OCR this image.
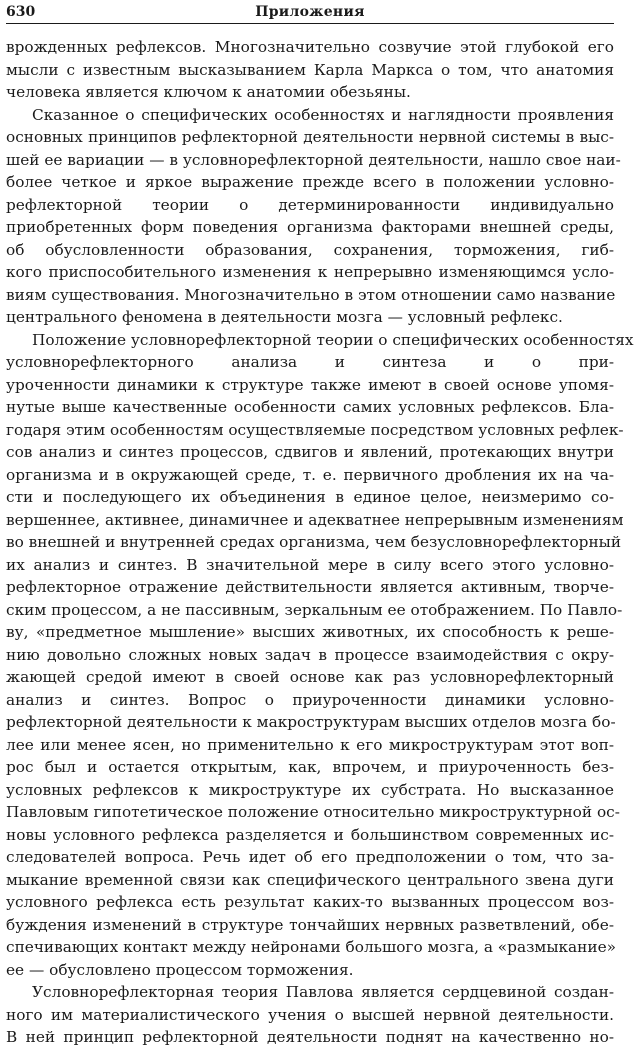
630	Приложения
врожденных рефлексов. Многозначительно созвучие этой глубокой его
мысли с известным высказыванием Карла Маркса о том, что анатомия
человека является ключом к анатомии обезьяны.
Сказанное о специфических особенностях и наглядности проявления
основных принципов рефлекторной деятельности нервной системы в выс-
шей ее вариации — в условнорефлекторной деятельности, нашло свое наи-
более четкое и яркое выражение прежде всего в положении условно-
рефлекторной теории о детерминированности индивидуально
приобретенных форм поведения организма факторами внешней среды,
об обусловленности образования, сохранения, торможения, гиб-
кого приспособительного изменения к непрерывно изменяющимся усло-
виям существования. Многозначительно в этом отношении само название
центрального феномена в деятельности мозга — условный рефлекс.
Положение условнорефлекторной теории о специфических особенностях
условнорефлекторного анализа и синтеза и о при-
уроченности динамики к структуре также имеют в своей основе упомя-
нутые выше качественные особенности самих условных рефлексов. Бла-
годаря этим особенностям осуществляемые посредством условных рефлек-
сов анализ и синтез процессов, сдвигов и явлений, протекающих внутри
организма и в окружающей среде, т. е. первичного дробления их на ча-
сти и последующего их объединения в единое целое, неизмеримо со-
вершеннее, активнее, динамичнее и адекватнее непрерывным изменениям
во внешней и внутренней средах организма, чем безусловнорефлекторный
их анализ и синтез. В значительной мере в силу всего этого условно-
рефлекторное отражение действительности является активным, творче-
ским процессом, а не пассивным, зеркальным ее отображением. По Павло-
ву, «предметное мышление» высших животных, их способность к реше-
нию довольно сложных новых задач в процессе взаимодействия с окру-
жающей средой имеют в своей основе как раз условнорефлекторный
анализ и синтез. Вопрос о приуроченности динамики условно-
рефлекторной деятельности к макроструктурам высших отделов мозга бо-
лее или менее ясен, но применительно к его микроструктурам этот воп-
рос был и остается открытым, как, впрочем, и приуроченность без-
условных рефлексов к микроструктуре их субстрата. Но высказанное
Павловым гипотетическое положение относительно микроструктурной ос-
новы условного рефлекса разделяется и большинством современных ис-
следователей вопроса. Речь идет об его предположении о том, что за-
мыкание временной связи как специфического центрального звена дуги
условного рефлекса есть результат каких-то вызванных процессом воз-
буждения изменений в структуре тончайших нервных разветвлений, обе-
спечивающих контакт между нейронами большого мозга, а «размыкание»
ее — обусловлено процессом торможения.
Условнорефлекторная теория Павлова является сердцевиной создан-
ного им материалистического учения о высшей нервной деятельности.
В ней принцип рефлекторной деятельности поднят на качественно но-
